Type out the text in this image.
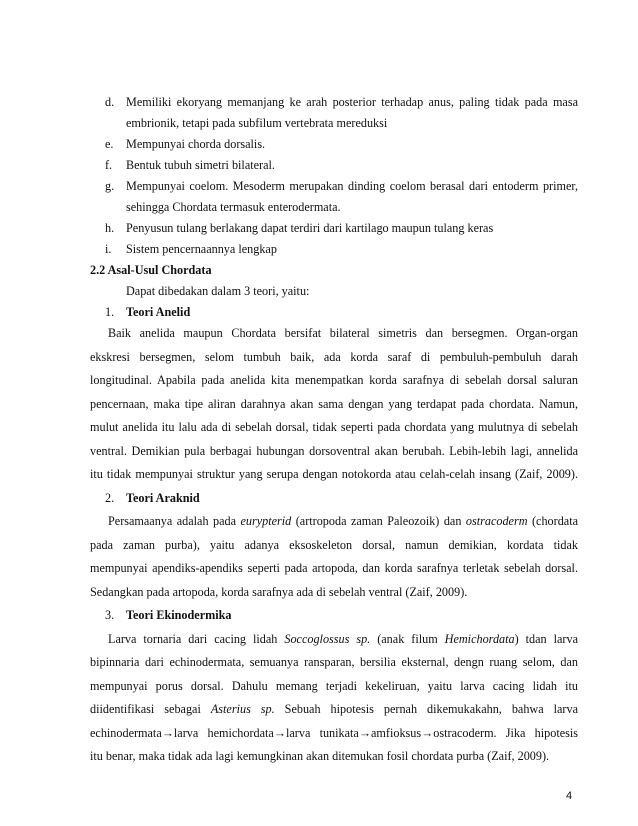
d. Memiliki ekoryang memanjang ke arah posterior terhadap anus, paling tidak pada masa
embrionik, tetapi pada subfilum vertebrata mereduksi
e. Mempunyai chorda dorsalis.
f. Bentuk tubuh simetri bilateral.
g. Mempunyai coelom. Mesoderm merupakan dinding coelom berasal dari entoderm primer,
sehingga Chordata termasuk enterodermata.
h. Penyusun tulang berlakang dapat terdiri dari kartilago maupun tulang keras
i. Sistem pencernaannya lengkap
2.2 Asal-Usul Chordata
Dapat dibedakan dalam 3 teori, yaitu:
1. Teori Anelid
Baik anelida maupun Chordata bersifat bilateral simetris dan bersegmen. Organ-organ
ekskresi bersegmen, selom tumbuh baik, ada korda saraf di pembuluh-pembuluh darah
longitudinal. Apabila pada anelida kita menempatkan korda sarafnya di sebelah dorsal saluran
pencernaan, maka tipe aliran darahnya akan sama dengan yang terdapat pada chordata. Namun,
mulut anelida itu lalu ada di sebelah dorsal, tidak seperti pada chordata yang mulutnya di sebelah
ventral. Demikian pula berbagai hubungan dorsoventral akan berubah. Lebih-lebih lagi, annelida
itu tidak mempunyai struktur yang serupa dengan notokorda atau celah-celah insang (Zaif, 2009).
2. Teori Araknid
Persamaanya adalah pada eurypterid (artropoda zaman Paleozoik) dan ostracoderm (chordata
pada zaman purba), yaitu adanya eksoskeleton dorsal, namun demikian, kordata tidak
mempunyai apendiks-apendiks seperti pada artopoda, dan korda sarafnya terletak sebelah dorsal.
Sedangkan pada artopoda, korda sarafnya ada di sebelah ventral (Zaif, 2009).
3. Teori Ekinodermika
Larva tornaria dari cacing lidah Soccoglossus sp. (anak filum Hemichordata) tdan larva
bipinnaria dari echinodermata, semuanya ransparan, bersilia eksternal, dengn ruang selom, dan
mempunyai porus dorsal. Dahulu memang terjadi kekeliruan, yaitu larva cacing lidah itu
diidentifikasi sebagai Asterius sp. Sebuah hipotesis pernah dikemukakahn, bahwa larva
echinodermata→larva hemichordata→larva tunikata→amfioksus→ostracoderm. Jika hipotesis
itu benar, maka tidak ada lagi kemungkinan akan ditemukan fosil chordata purba (Zaif, 2009).
4
